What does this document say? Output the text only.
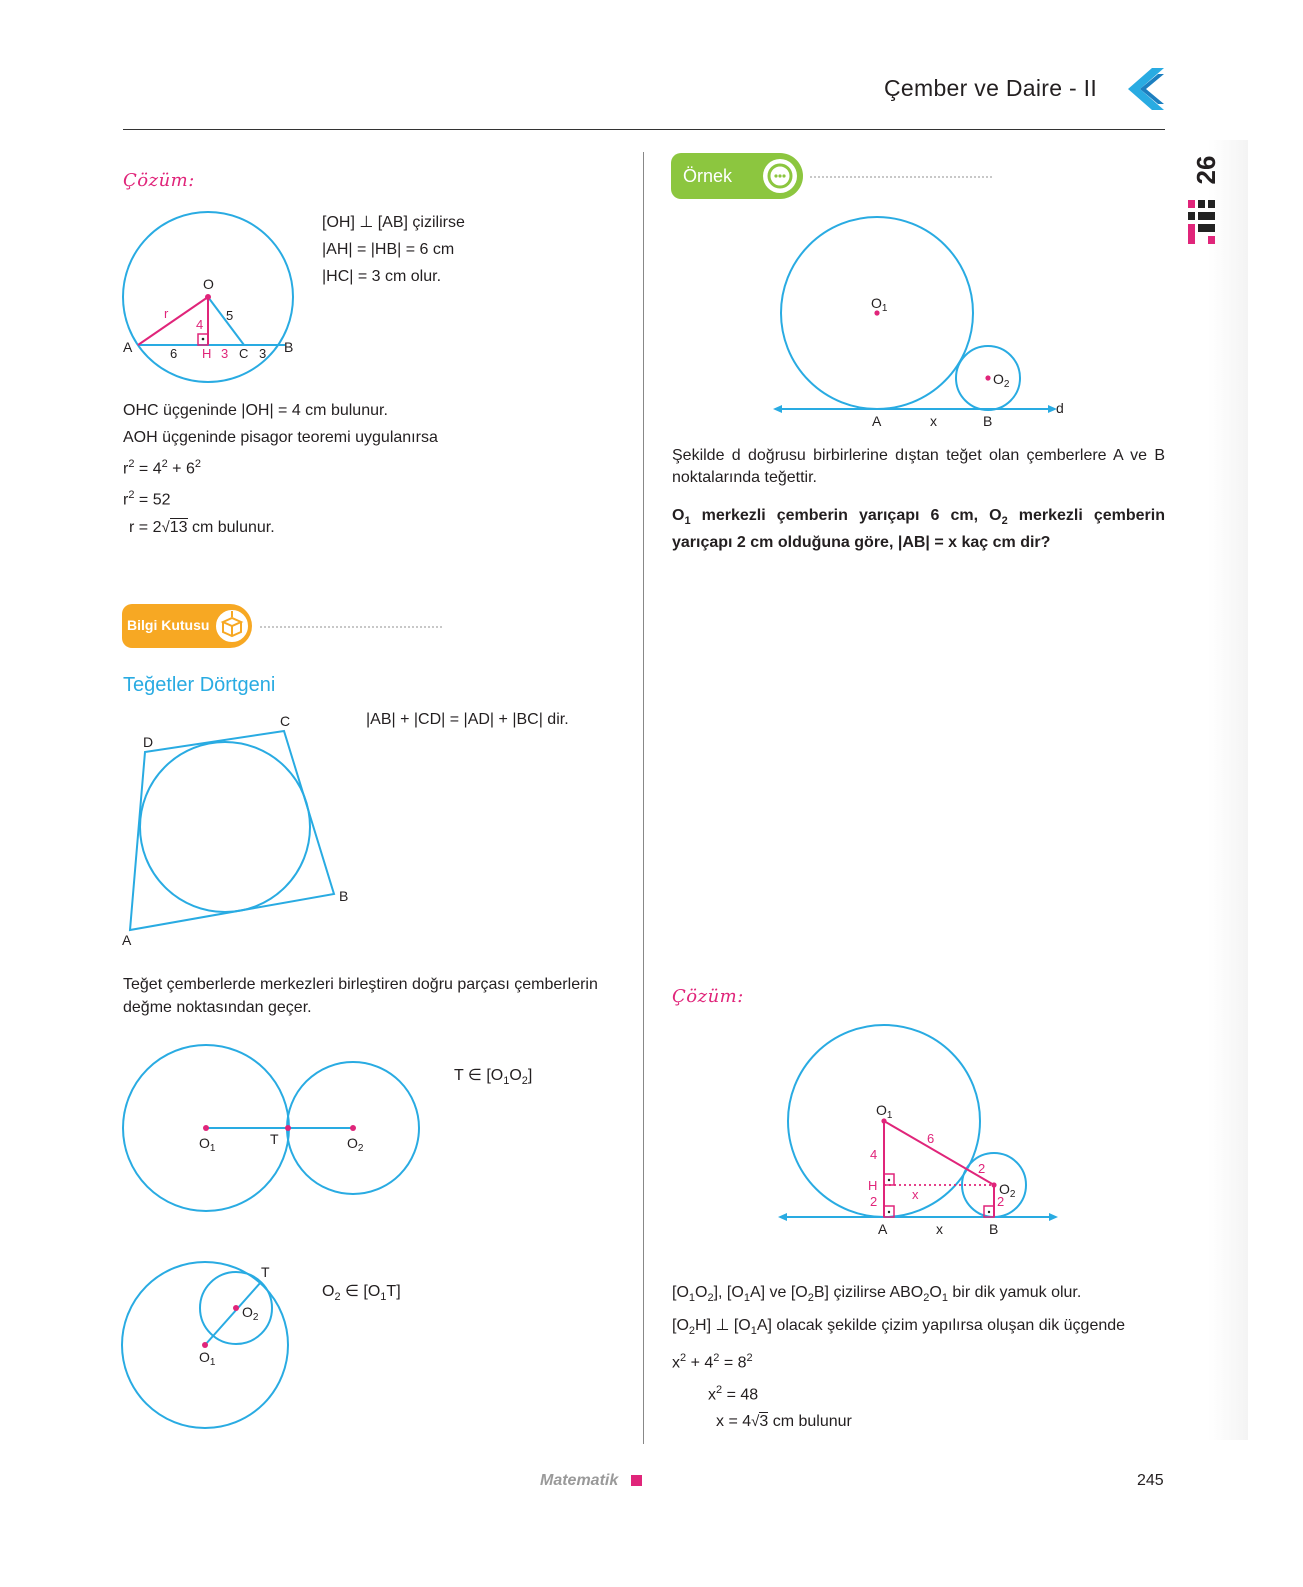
Çember ve Daire - II
26
Çözüm:
O
r
4
5
A	6 H 3 C 3 B
[OH] ⊥ [AB] çizilirse
|AH| = |HB| = 6 cm
|HC| = 3 cm olur.
OHC üçgeninde |OH| = 4 cm bulunur.
AOH üçgeninde pisagor teoremi uygulanırsa
$r^2 = 4^2 + 6^2$
$r^2 = 52$
r = 2√13 cm bulunur.
Bilgi Kutusu
Teğetler Dörtgeni
C
D
B
A
|AB| + |CD| = |AD| + |BC| dir.
Teğet çemberlerde merkezleri birleştiren doğru parçası çemberlerin değme noktasından geçer.
$O_1$
T	$O_2$
T ∈ $[O_1O_2]$
T
$O_2$
$O_1$
$O_2$ ∈ $[O_1T]$
Örnek
$O_1$
$O_2$
A	x	B
d
Şekilde d doğrusu birbirlerine dıştan teğet olan çemberlere A ve B noktalarında teğettir.
$O_1$ merkezli çemberin yarıçapı 6 cm, $O_2$ merkezli çemberin yarıçapı 2 cm olduğuna göre, |AB| = x kaç cm dir?
Çözüm:
$O_1$
6
4
2
H
x	$O_2$
2	2
A	x	B
$[O_1O_2]$, $[O_1A]$ ve $[O_2B]$ çizilirse $ABO_2O_1$ bir dik yamuk olur.
$[O_2H]$ ⊥ $[O_1A]$ olacak şekilde çizim yapılırsa oluşan dik üçgende
$x^2 + 4^2 = 8^2$
$x^2 = 48$
x = 4√3 cm bulunur
Matematik	245
